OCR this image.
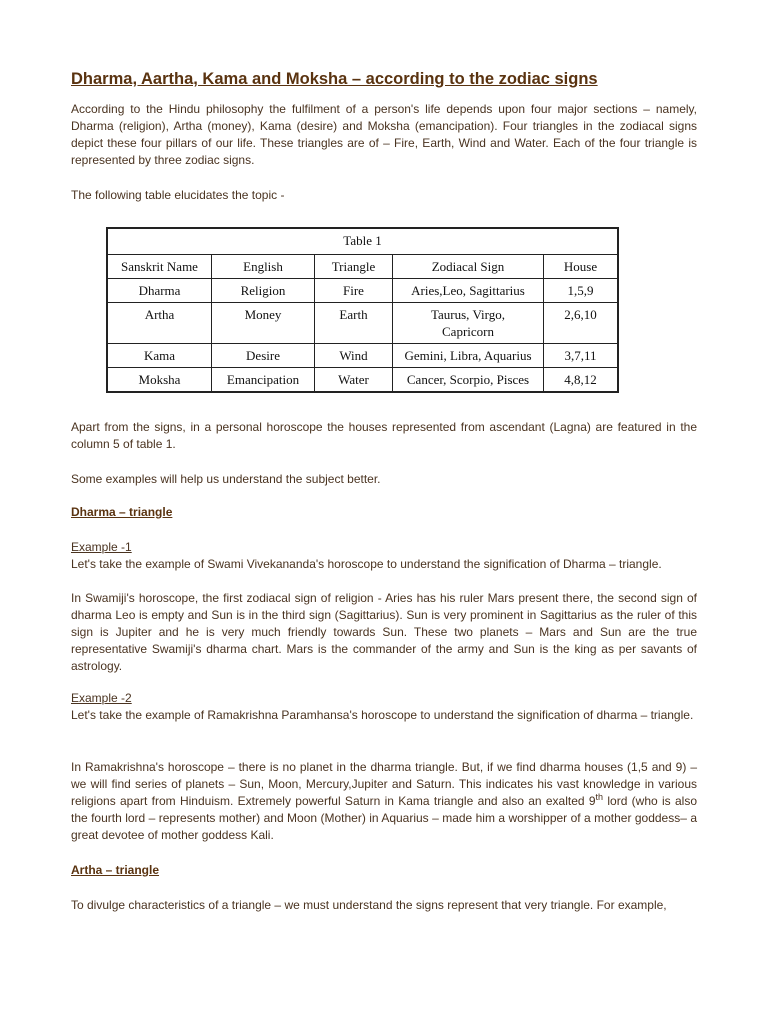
Dharma, Aartha, Kama and Moksha – according to the zodiac signs

According to the Hindu philosophy the fulfilment of a person's life depends upon four major sections – namely, Dharma (religion), Artha (money), Kama (desire) and Moksha (emancipation). Four triangles in the zodiacal signs depict these four pillars of our life. These triangles are of – Fire, Earth, Wind and Water. Each of the four triangle is represented by three zodiac signs.

The following table elucidates the topic -

Table 1				
Sanskrit Name	English	Triangle	Zodiacal Sign	House
Dharma	Religion	Fire	Aries,Leo, Sagittarius	1,5,9
Artha	Money	Earth	Taurus, Virgo, Capricorn	2,6,10
Kama	Desire	Wind	Gemini, Libra, Aquarius	3,7,11
Moksha	Emancipation	Water	Cancer, Scorpio, Pisces	4,8,12

Apart from the signs, in a personal horoscope the houses represented from ascendant (Lagna) are featured in the column 5 of table 1.

Some examples will help us understand the subject better.

Dharma – triangle
Example -1
Let's take the example of Swami Vivekananda's horoscope to understand the signification of Dharma – triangle.

In Swamiji's horoscope, the first zodiacal sign of religion - Aries has his ruler Mars present there, the second sign of dharma Leo is empty and Sun is in the third sign (Sagittarius). Sun is very prominent in Sagittarius as the ruler of this sign is Jupiter and he is very much friendly towards Sun. These two planets – Mars and Sun are the true representative Swamiji's dharma chart. Mars is the commander of the army and Sun is the king as per savants of astrology.

Example -2
Let's take the example of Ramakrishna Paramhansa's horoscope to understand the signification of dharma – triangle.

In Ramakrishna's horoscope – there is no planet in the dharma triangle. But, if we find dharma houses (1,5 and 9) – we will find series of planets – Sun, Moon, Mercury,Jupiter and Saturn. This indicates his vast knowledge in various religions apart from Hinduism. Extremely powerful Saturn in Kama triangle and also an exalted 9th lord (who is also the fourth lord – represents mother) and Moon (Mother) in Aquarius – made him a worshipper of a mother goddess– a great devotee of mother goddess Kali.

Artha – triangle

To divulge characteristics of a triangle – we must understand the signs represent that very triangle. For example,
